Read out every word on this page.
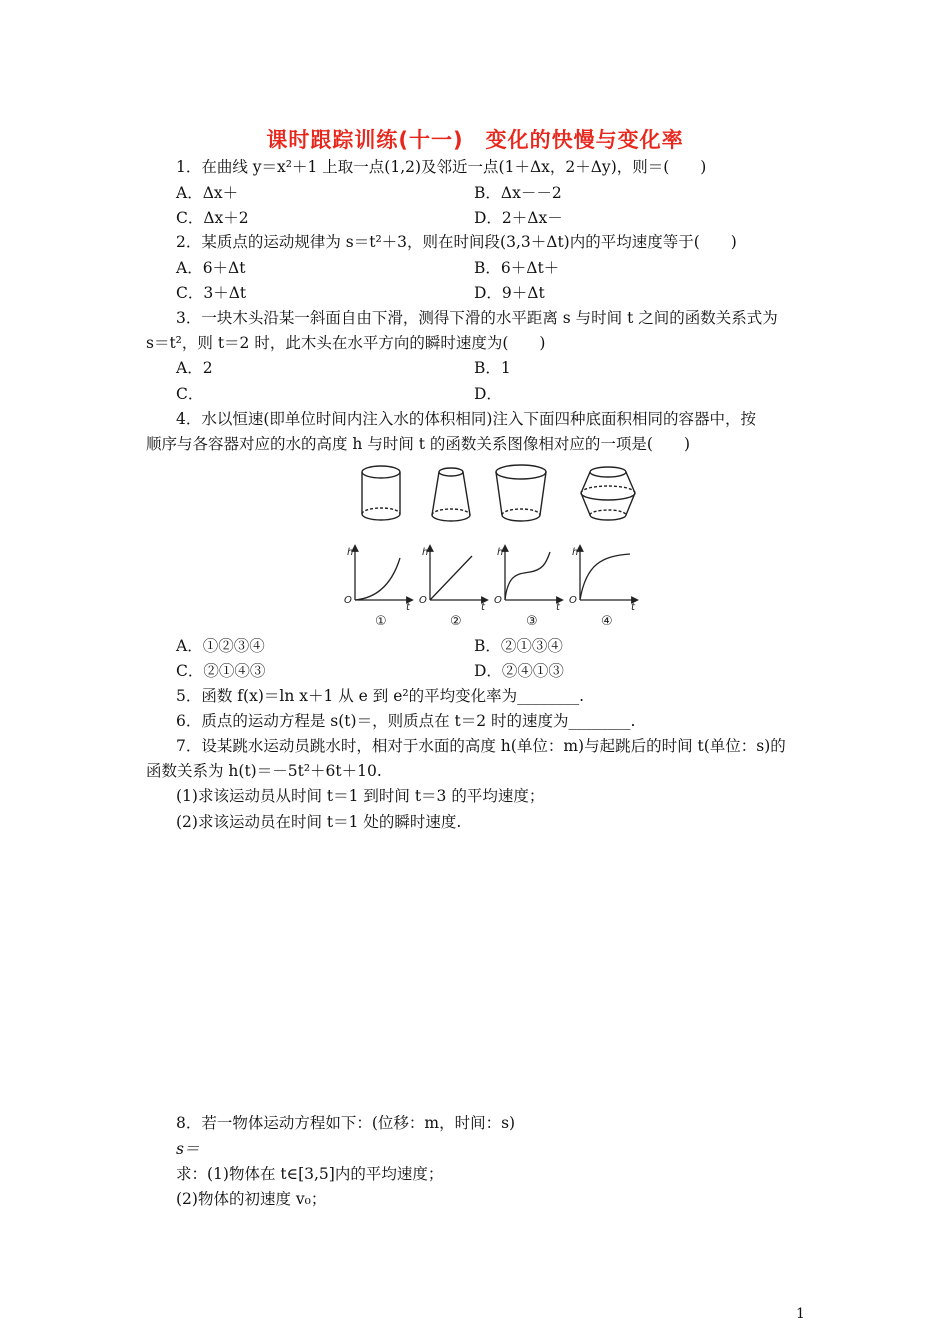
课时跟踪训练(十一)　变化的快慢与变化率
1．在曲线 y＝x²＋1 上取一点(1,2)及邻近一点(1＋Δx，2＋Δy)，则＝(　　)
A．Δx＋	B．Δx－－2
C．Δx＋2	D．2＋Δx－
2．某质点的运动规律为 s＝t²＋3，则在时间段(3,3＋Δt)内的平均速度等于(　　)
A．6＋Δt	B．6＋Δt＋
C．3＋Δt	D．9＋Δt
3．一块木头沿某一斜面自由下滑，测得下滑的水平距离 s 与时间 t 之间的函数关系式为
s＝t²，则 t＝2 时，此木头在水平方向的瞬时速度为(　　)
A．2	B．1
C．	D．
4．水以恒速(即单位时间内注入水的体积相同)注入下面四种底面积相同的容器中，按
顺序与各容器对应的水的高度 h 与时间 t 的函数关系图像相对应的一项是(　　)
h
O
t
h
O
t
h
O
t
h
O
t
①	②	③	④
A．①②③④	B．②①③④
C．②①④③	D．②④①③
5．函数 f(x)＝ln x＋1 从 e 到 e²的平均变化率为________.
6．质点的运动方程是 s(t)＝，则质点在 t＝2 时的速度为________.
7．设某跳水运动员跳水时，相对于水面的高度 h(单位：m)与起跳后的时间 t(单位：s)的
函数关系为 h(t)＝－5t²＋6t＋10.
(1)求该运动员从时间 t＝1 到时间 t＝3 的平均速度；
(2)求该运动员在时间 t＝1 处的瞬时速度.
8．若一物体运动方程如下：(位移：m，时间：s)
s＝
求：(1)物体在 t∈[3,5]内的平均速度；
(2)物体的初速度 v₀；
1
